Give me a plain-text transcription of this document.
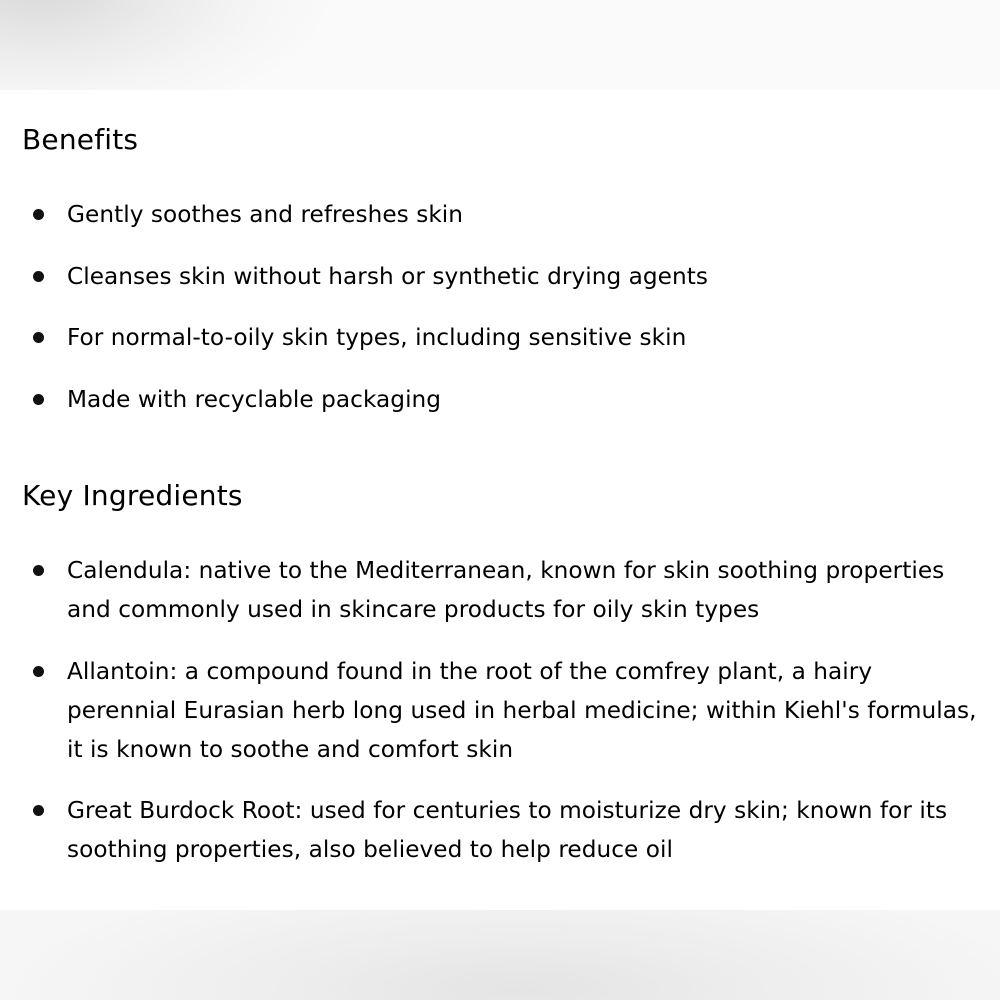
Benefits
Gently soothes and refreshes skin
Cleanses skin without harsh or synthetic drying agents
For normal-to-oily skin types, including sensitive skin
Made with recyclable packaging
Key Ingredients
Calendula: native to the Mediterranean, known for skin soothing properties
and commonly used in skincare products for oily skin types
Allantoin: a compound found in the root of the comfrey plant, a hairy
perennial Eurasian herb long used in herbal medicine; within Kiehl's formulas,
it is known to soothe and comfort skin
Great Burdock Root: used for centuries to moisturize dry skin; known for its
soothing properties, also believed to help reduce oil
